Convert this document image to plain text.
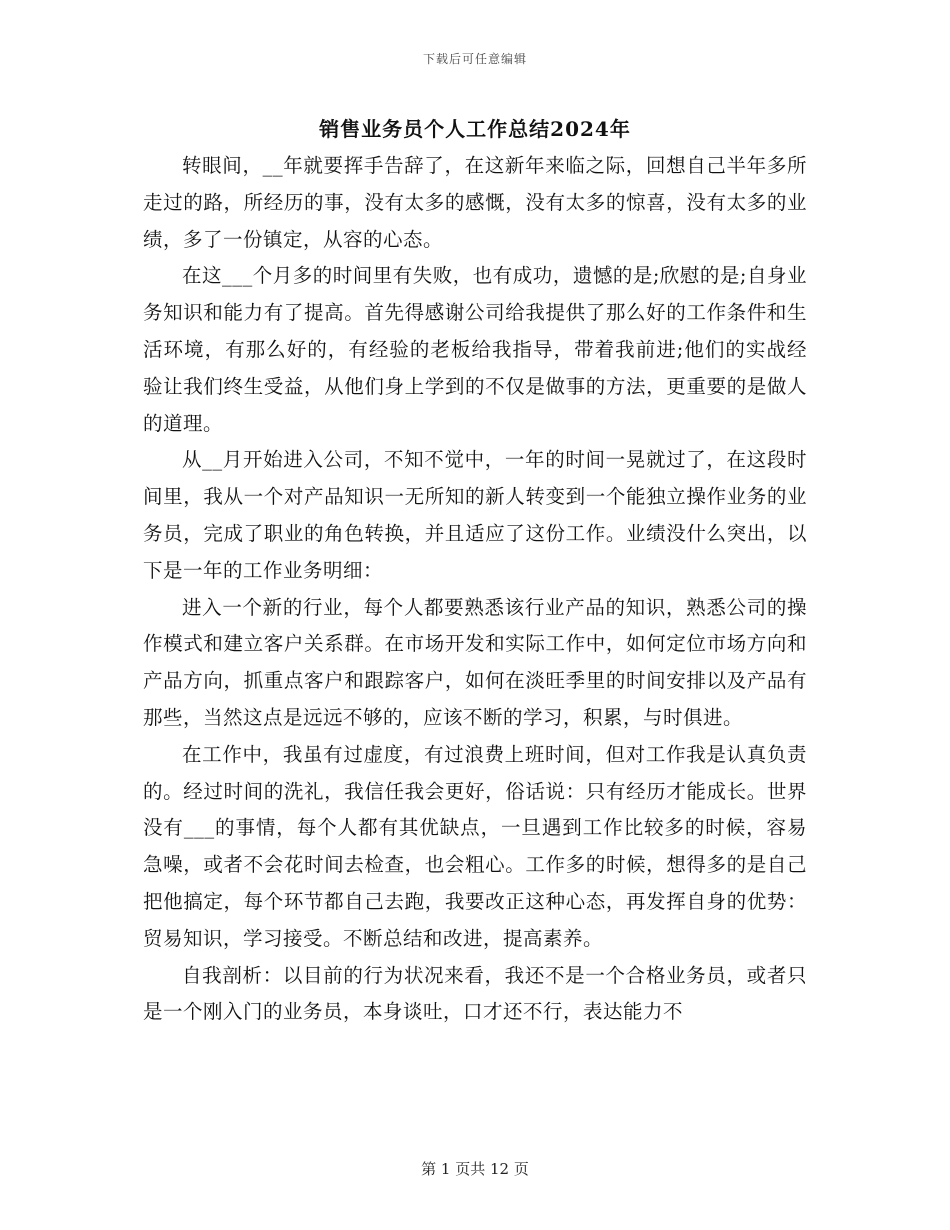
下载后可任意编辑
销售业务员个人工作总结2024年

转眼间，__年就要挥手告辞了，在这新年来临之际，回想自己半年多所走过的路，所经历的事，没有太多的感慨，没有太多的惊喜，没有太多的业绩，多了一份镇定，从容的心态。

在这___个月多的时间里有失败，也有成功，遗憾的是;欣慰的是;自身业务知识和能力有了提高。首先得感谢公司给我提供了那么好的工作条件和生活环境，有那么好的，有经验的老板给我指导，带着我前进;他们的实战经验让我们终生受益，从他们身上学到的不仅是做事的方法，更重要的是做人的道理。

从__月开始进入公司，不知不觉中，一年的时间一晃就过了，在这段时间里，我从一个对产品知识一无所知的新人转变到一个能独立操作业务的业务员，完成了职业的角色转换，并且适应了这份工作。业绩没什么突出，以下是一年的工作业务明细：

进入一个新的行业，每个人都要熟悉该行业产品的知识，熟悉公司的操作模式和建立客户关系群。在市场开发和实际工作中，如何定位市场方向和产品方向，抓重点客户和跟踪客户，如何在淡旺季里的时间安排以及产品有那些，当然这点是远远不够的，应该不断的学习，积累，与时俱进。

在工作中，我虽有过虚度，有过浪费上班时间，但对工作我是认真负责的。经过时间的洗礼，我信任我会更好，俗话说：只有经历才能成长。世界没有___的事情，每个人都有其优缺点，一旦遇到工作比较多的时候，容易急噪，或者不会花时间去检查，也会粗心。工作多的时候，想得多的是自己把他搞定，每个环节都自己去跑，我要改正这种心态，再发挥自身的优势：贸易知识，学习接受。不断总结和改进，提高素养。

自我剖析：以目前的行为状况来看，我还不是一个合格业务员，或者只是一个刚入门的业务员，本身谈吐，口才还不行，表达能力不

第 1 页共 12 页
